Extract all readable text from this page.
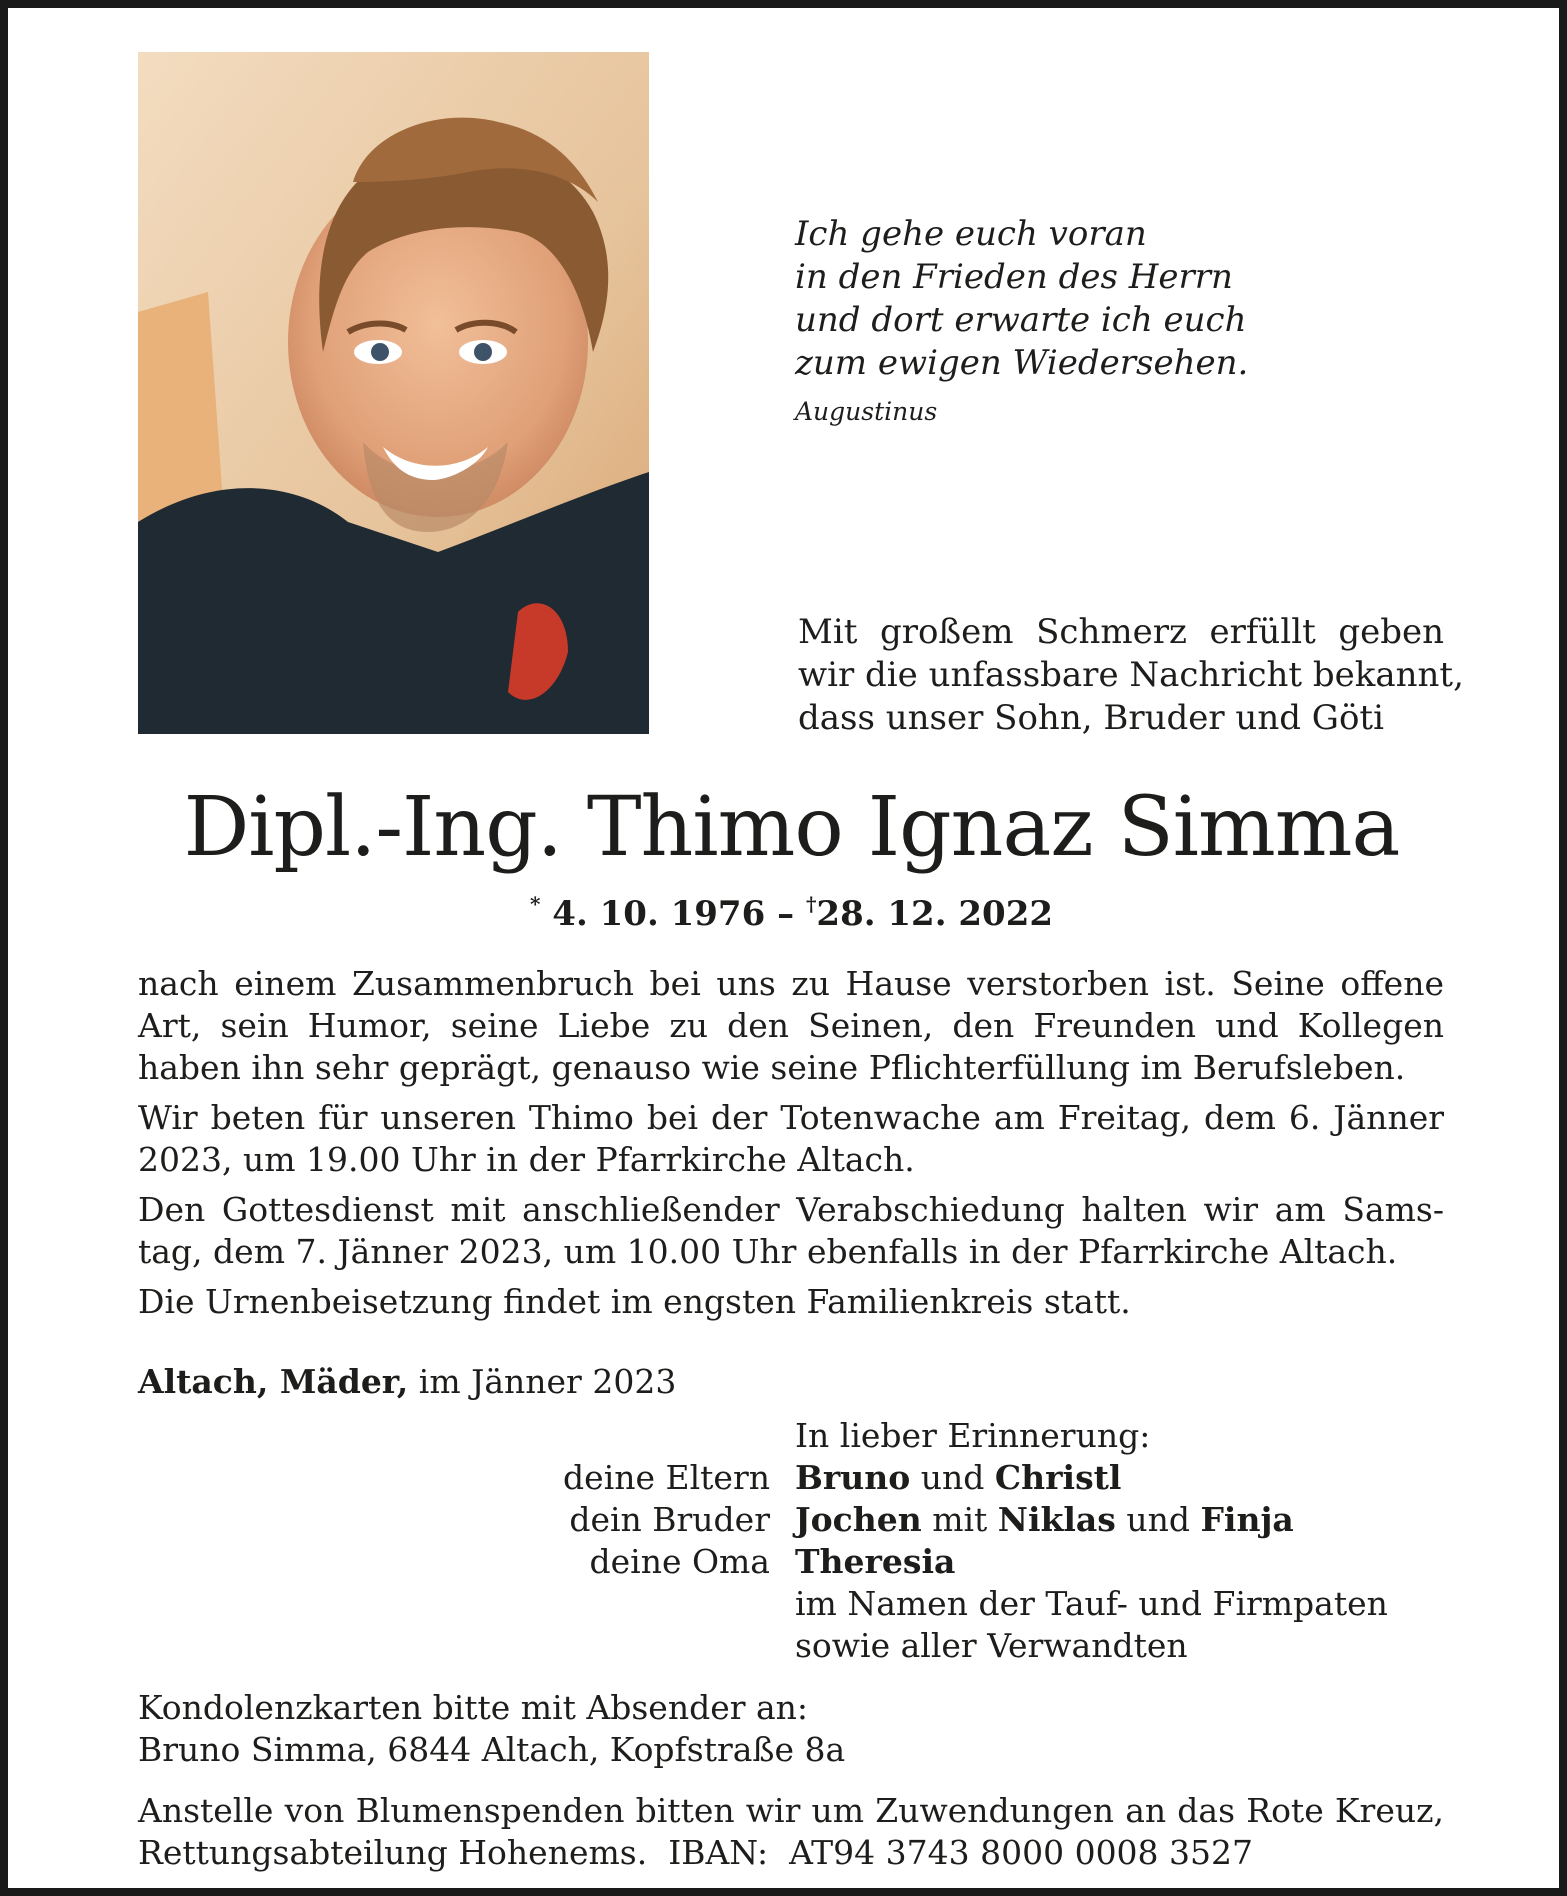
Ich gehe euch voran
in den Frieden des Herrn
und dort erwarte ich euch
zum ewigen Wiedersehen.
Augustinus
Mit großem Schmerz erfüllt geben
wir die unfassbare Nachricht bekannt,
dass unser Sohn, Bruder und Göti
Dipl.-Ing. Thimo Ignaz Simma
* 4. 10. 1976 – †28. 12. 2022
nach einem Zusammenbruch bei uns zu Hause verstorben ist. Seine offene
Art, sein Humor, seine Liebe zu den Seinen, den Freunden und Kollegen
haben ihn sehr geprägt, genauso wie seine Pflichterfüllung im Berufsleben.
Wir beten für unseren Thimo bei der Totenwache am Freitag, dem 6. Jänner
2023, um 19.00 Uhr in der Pfarrkirche Altach.
Den Gottesdienst mit anschließender Verabschiedung halten wir am Sams-
tag, dem 7. Jänner 2023, um 10.00 Uhr ebenfalls in der Pfarrkirche Altach.
Die Urnenbeisetzung findet im engsten Familienkreis statt.
Altach, Mäder, im Jänner 2023
In lieber Erinnerung:
deine Eltern Bruno und Christl
dein Bruder Jochen mit Niklas und Finja
deine Oma Theresia
im Namen der Tauf- und Firmpaten
sowie aller Verwandten
Kondolenzkarten bitte mit Absender an:
Bruno Simma, 6844 Altach, Kopfstraße 8a
Anstelle von Blumenspenden bitten wir um Zuwendungen an das Rote Kreuz,
Rettungsabteilung Hohenems.  IBAN:  AT94 3743 8000 0008 3527
